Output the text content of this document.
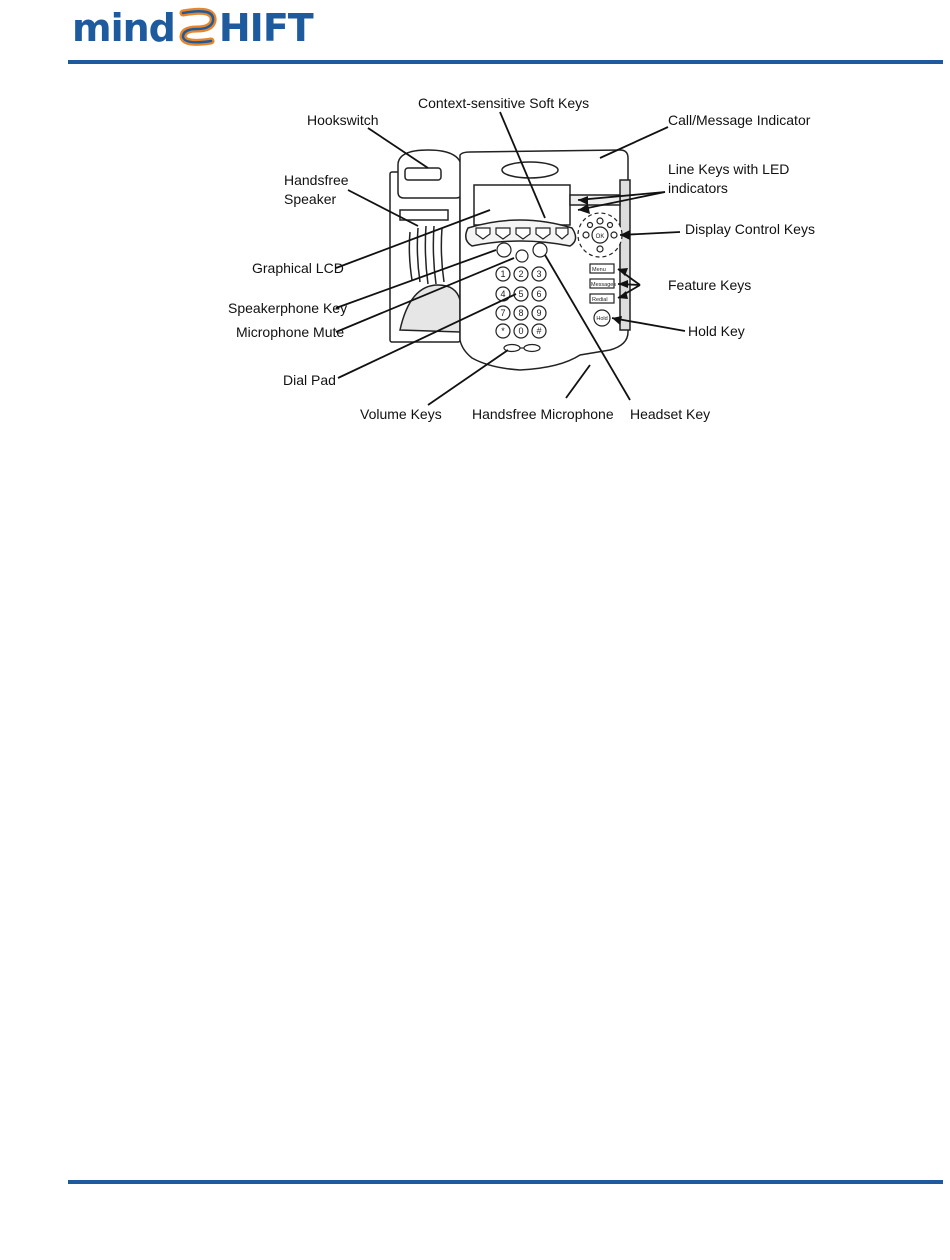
mind HIFT
1 2 3
4 5 6
7 8 9
* 0 #
OK
Menu
Messages
Redial
Hold
Hookswitch
Context-sensitive Soft Keys
Call/Message Indicator
Handsfree
Speaker
Line Keys with LED
indicators
Display Control Keys
Graphical LCD
Feature Keys
Speakerphone Key
Microphone Mute	Hold Key
Dial Pad
Volume Keys Handsfree Microphone Headset Key
